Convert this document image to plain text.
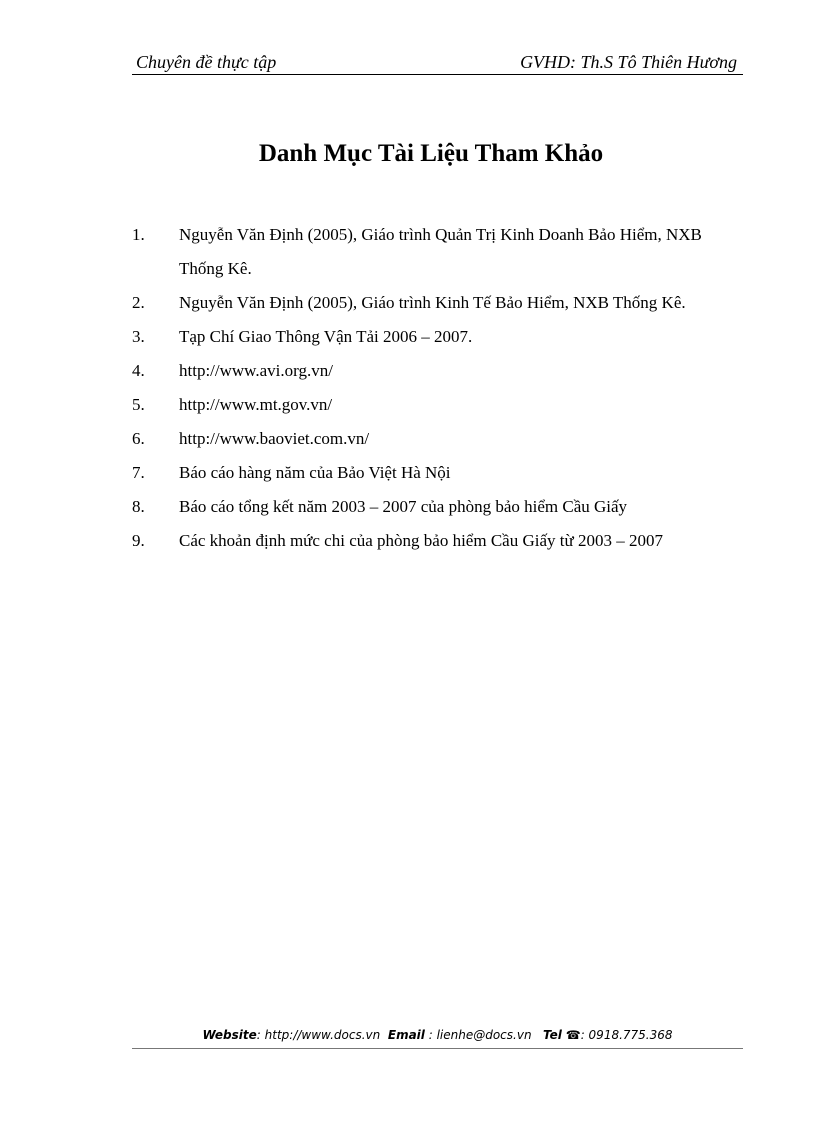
Chuyên đề thực tập	GVHD: Th.S Tô Thiên Hương
Danh Mục Tài Liệu Tham Khảo
1. Nguyễn Văn Định (2005), Giáo trình Quản Trị Kinh Doanh Bảo Hiểm, NXB Thống Kê.
2. Nguyễn Văn Định (2005), Giáo trình Kinh Tế Bảo Hiểm, NXB Thống Kê.
3. Tạp Chí Giao Thông Vận Tải 2006 – 2007.
4. http://www.avi.org.vn/
5. http://www.mt.gov.vn/
6. http://www.baoviet.com.vn/
7. Báo cáo hàng năm của Bảo Việt Hà Nội
8. Báo cáo tổng kết năm 2003 – 2007 của phòng bảo hiểm Cầu Giấy
9. Các khoản định mức chi của phòng bảo hiểm Cầu Giấy từ 2003 – 2007
Website: http://www.docs.vn Email : lienhe@docs.vn Tel ☎: 0918.775.368
